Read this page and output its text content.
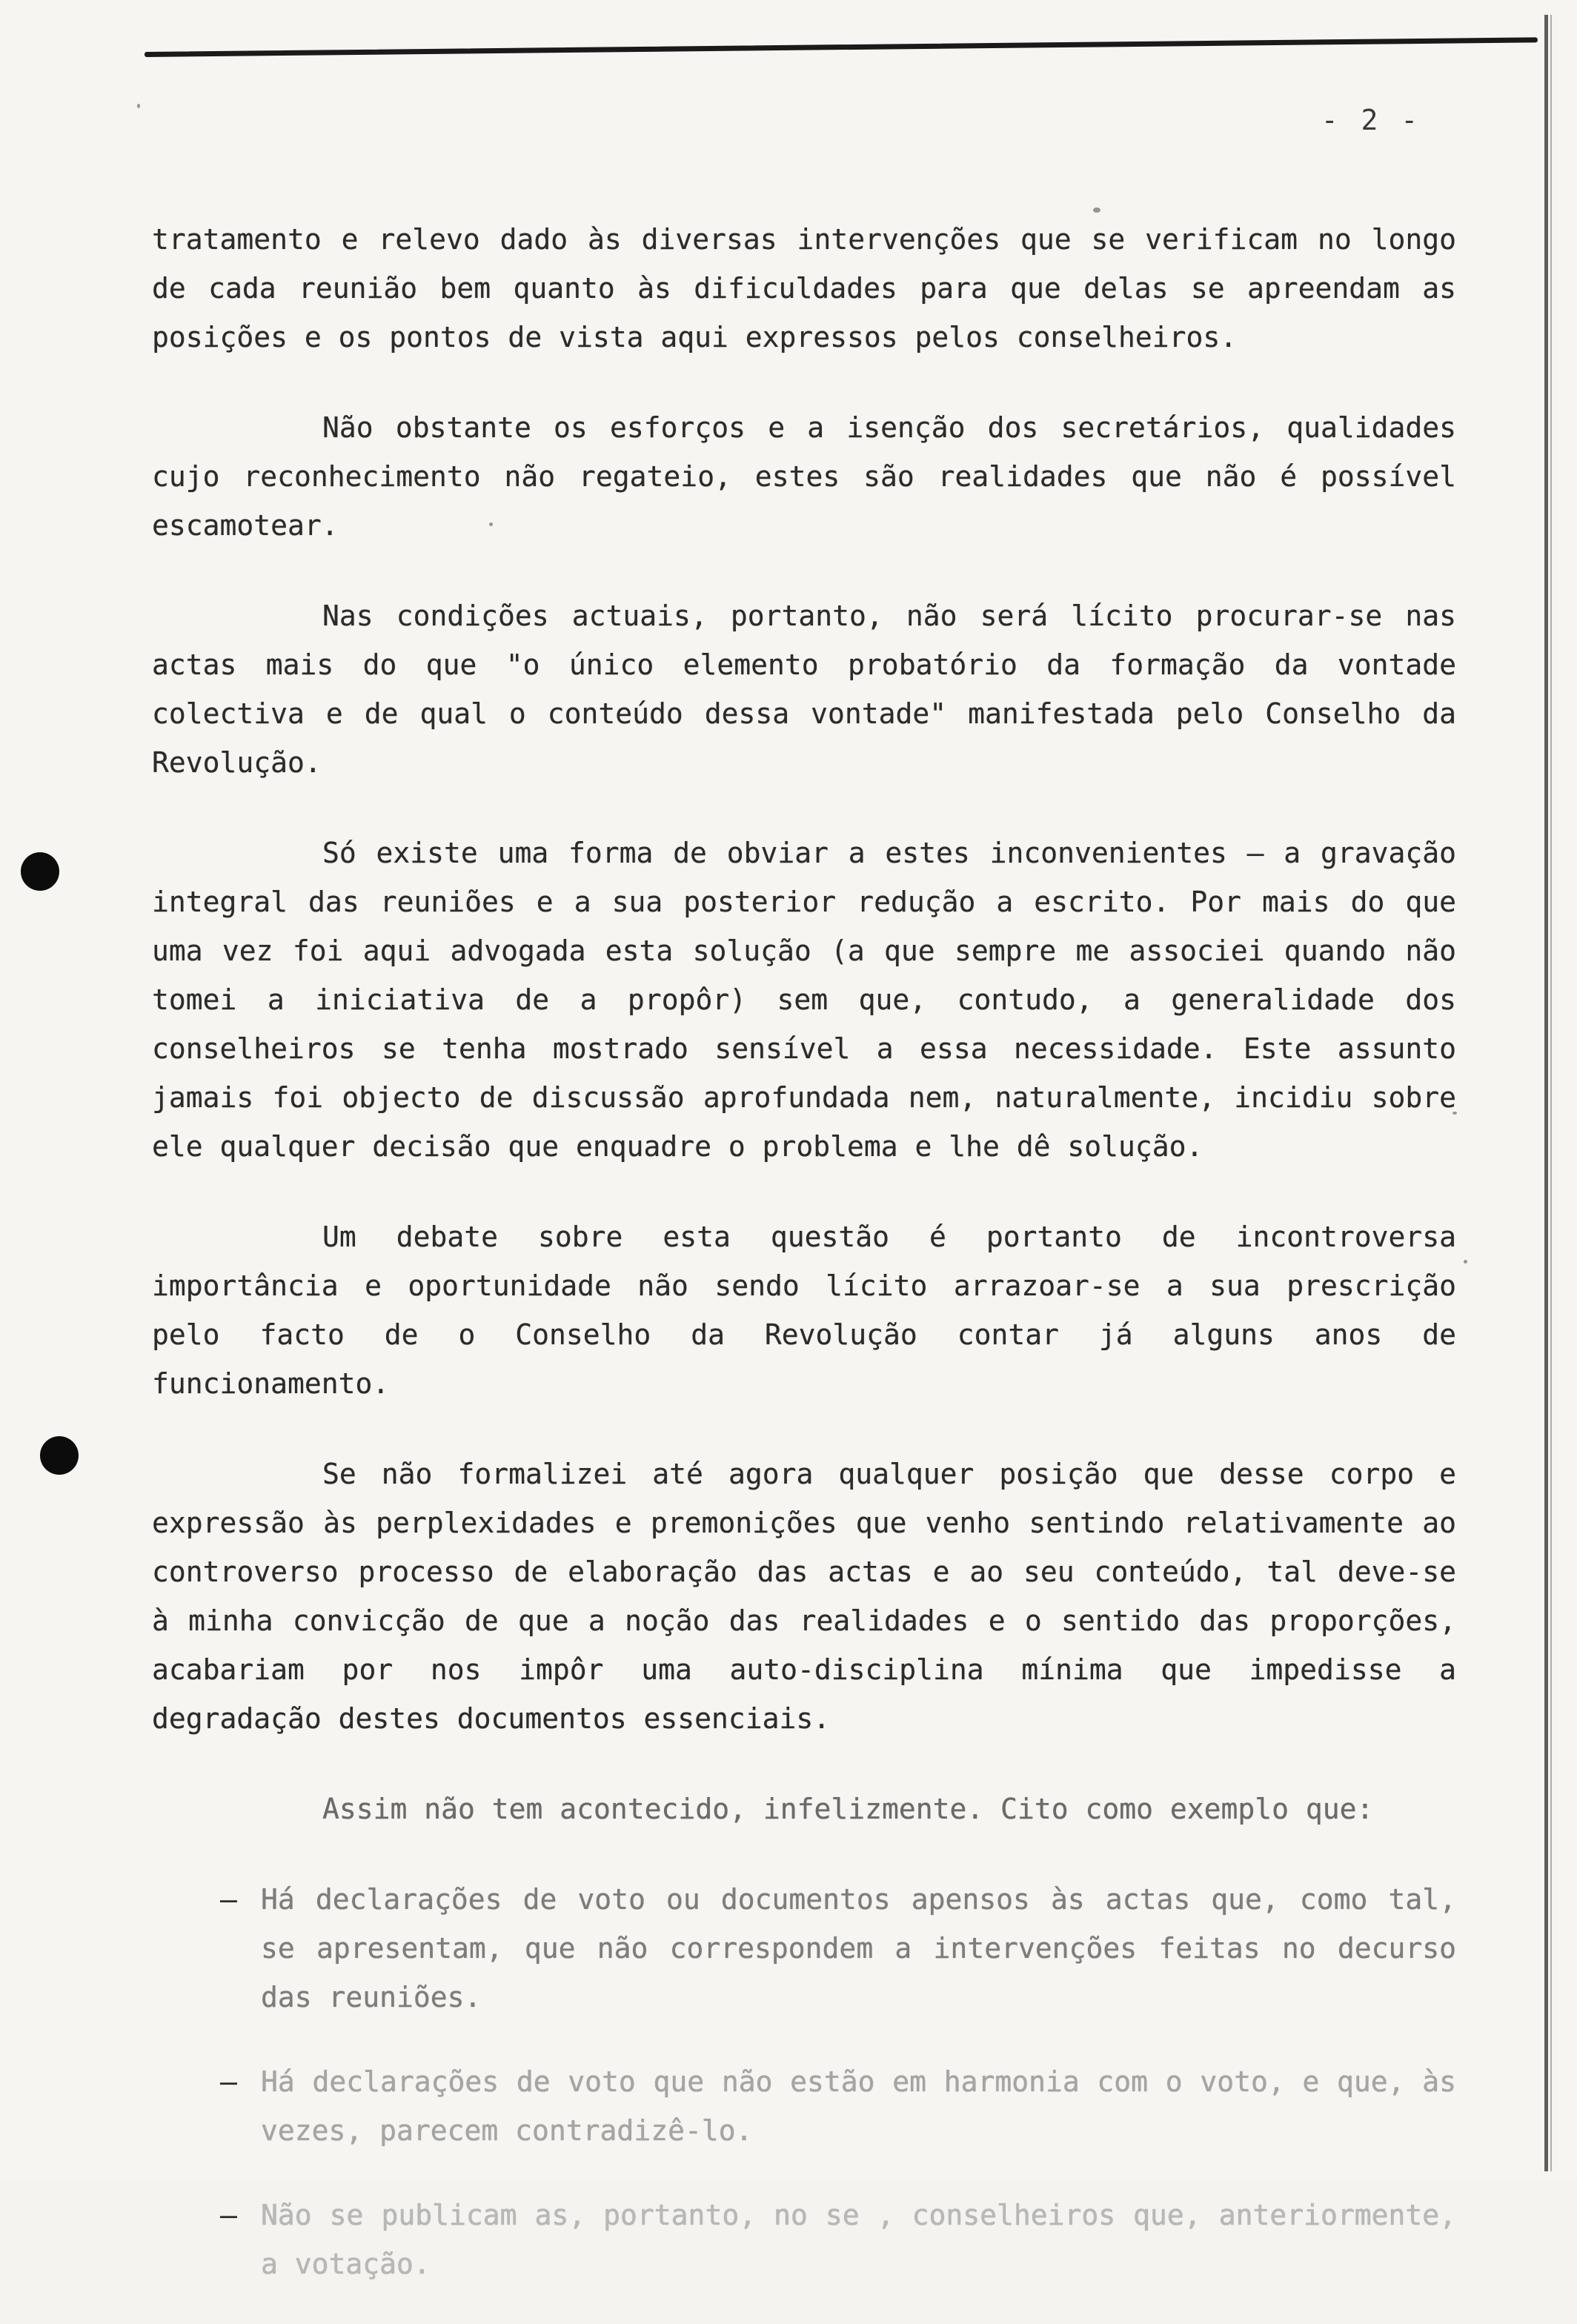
- 2 -

tratamento e relevo dado às diversas intervenções que se verificam no longo de cada reunião bem quanto às dificuldades para que delas se apreendam as posições e os pontos de vista aqui expressos pelos conselheiros.

Não obstante os esforços e a isenção dos secretários, qualidades cujo reconhecimento não regateio, estes são realidades que não é possível escamotear.

Nas condições actuais, portanto, não será lícito procurar-se nas actas mais do que "o único elemento probatório da formação da vontade colectiva e de qual o conteúdo dessa vontade" manifestada pelo Conselho da Revolução.

Só existe uma forma de obviar a estes inconvenientes — a gravação integral das reuniões e a sua posterior redução a escrito. Por mais do que uma vez foi aqui advogada esta solução (a que sempre me associei quando não tomei a iniciativa de a propôr) sem que, contudo, a generalidade dos conselheiros se tenha mostrado sensível a essa necessidade. Este assunto jamais foi objecto de discussão aprofundada nem, naturalmente, incidiu sobre ele qualquer decisão que enquadre o problema e lhe dê solução.

Um debate sobre esta questão é portanto de incontroversa importância e oportunidade não sendo lícito arrazoar-se a sua prescrição pelo facto de o Conselho da Revolução contar já alguns anos de funcionamento.

Se não formalizei até agora qualquer posição que desse corpo e expressão às perplexidades e premonições que venho sentindo relativamente ao controverso processo de elaboração das actas e ao seu conteúdo, tal deve-se à minha convicção de que a noção das realidades e o sentido das proporções, acabariam por nos impôr uma auto-disciplina mínima que impedisse a degradação destes documentos essenciais.

Assim não tem acontecido, infelizmente. Cito como exemplo que:

– Há declarações de voto ou documentos apensos às actas que, como tal, se apresentam, que não correspondem a intervenções feitas no decurso das reuniões.
– Há declarações de voto que não estão em harmonia com o voto, e que, às vezes, parecem contradizê-lo.
– Não se publicam as, portanto, no se , conselheiros que, anteriormente, a votação.
